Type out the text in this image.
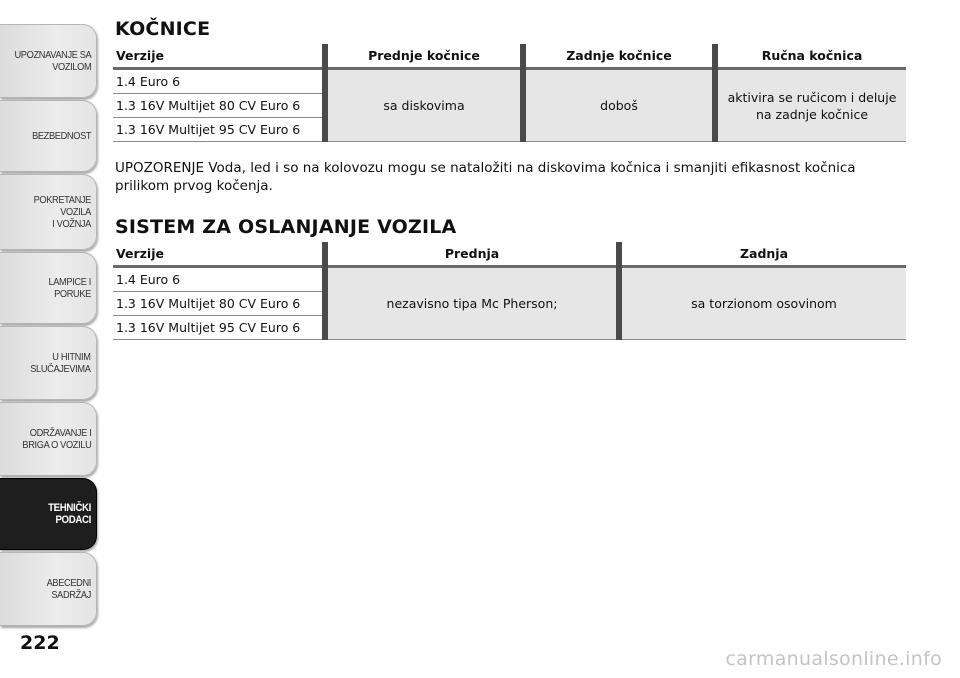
UPOZNAVANJE SA
VOZILOM
BEZBEDNOST
POKRETANJE VOZILA
I VOŽNJA
LAMPICE I PORUKE
U HITNIM
SLUČAJEVIMA
ODRŽAVANJE I
BRIGA O VOZILU
TEHNIČKI PODACI
ABECEDNI SADRŽAJ
222
KOČNICE
Verzije	Prednje kočnice	Zadnje kočnice	Ručna kočnica
1.4 Euro 6	sa diskovima	doboš	aktivira se ručicom i deluje na zadnje kočnice
1.3 16V Multijet 80 CV Euro 6			
1.3 16V Multijet 95 CV Euro 6			

UPOZORENJE Voda, led i so na kolovozu mogu se nataložiti na diskovima kočnica i smanjiti efikasnost kočnica prilikom prvog kočenja.

SISTEM ZA OSLANJANJE VOZILA
Verzije	Prednja	Zadnja
1.4 Euro 6	nezavisno tipa Mc Pherson;	sa torzionom osovinom
1.3 16V Multijet 80 CV Euro 6		
1.3 16V Multijet 95 CV Euro 6		
carmanualsonline.info
